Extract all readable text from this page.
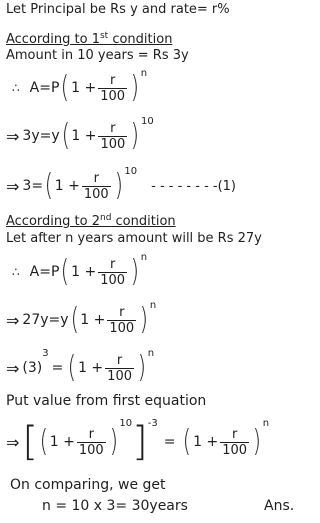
Let Principal be Rs y and rate= r%
According to 1st condition
Amount in 10 years = Rs 3y
∴ A=P ( $1 + \frac{r}{100}$ ) n
⇒ 3y=y ( $1 + \frac{r}{100}$ ) 10
⇒ 3= ( $1 + \frac{r}{100}$ ) 10
- - - - - - - -(1)
According to 2nd condition
Let after n years amount will be Rs 27y
∴ A=P ( $1 + \frac{r}{100}$ ) n
⇒ 27y=y ( $1 + \frac{r}{100}$ ) n
⇒ (3)
3
= ( $1 + \frac{r}{100}$ ) n
Put value from first equation
⇒ [ ( $1 + \frac{r}{100}$ )
10 ] -3
= ( $1 + \frac{r}{100}$ )
n
On comparing, we get
n = 10 x 3= 30years	Ans.
